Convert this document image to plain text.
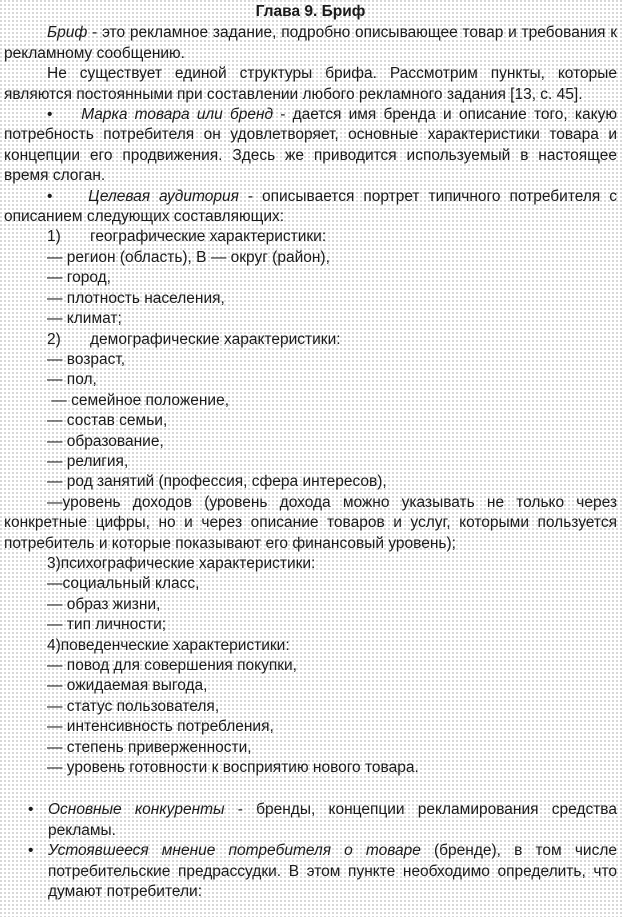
Глава 9. Бриф

Бриф - это рекламное задание, подробно описывающее товар и требования к рекламному сообщению.

Не существует единой структуры брифа. Рассмотрим пункты, которые являются постоянными при составлении любого рекламного задания [13, с. 45].

• Марка товара или бренд - дается имя бренда и описание того, какую потребность потребителя он удовлетворяет, основные характеристики товара и концепции его продвижения. Здесь же приводится используемый в настоящее время слоган.

• Целевая аудитория - описывается портрет типичного потребителя с описанием следующих составляющих:

1) географические характеристики:
— регион (область), В — округ (район),
— город,
— плотность населения,
— климат;
2) демографические характеристики:
— возраст,
— пол,
— семейное положение,
— состав семьи,
— образование,
— религия,
— род занятий (профессия, сфера интересов),

—уровень доходов (уровень дохода можно указывать не только через конкретные цифры, но и через описание товаров и услуг, которыми пользуется потребитель и которые показывают его финансовый уровень);

3)психографические характеристики:
—социальный класс,
— образ жизни,
— тип личности;
4)поведенческие характеристики:
— повод для совершения покупки,
— ожидаемая выгода,
— статус пользователя,
— интенсивность потребления,
— степень приверженности,
— уровень готовности к восприятию нового товара.

• Основные конкуренты - бренды, концепции рекламирования средства рекламы.

• Устоявшееся мнение потребителя о товаре (бренде), в том числе потребительские предрассудки. В этом пункте необходимо определить, что думают потребители:
